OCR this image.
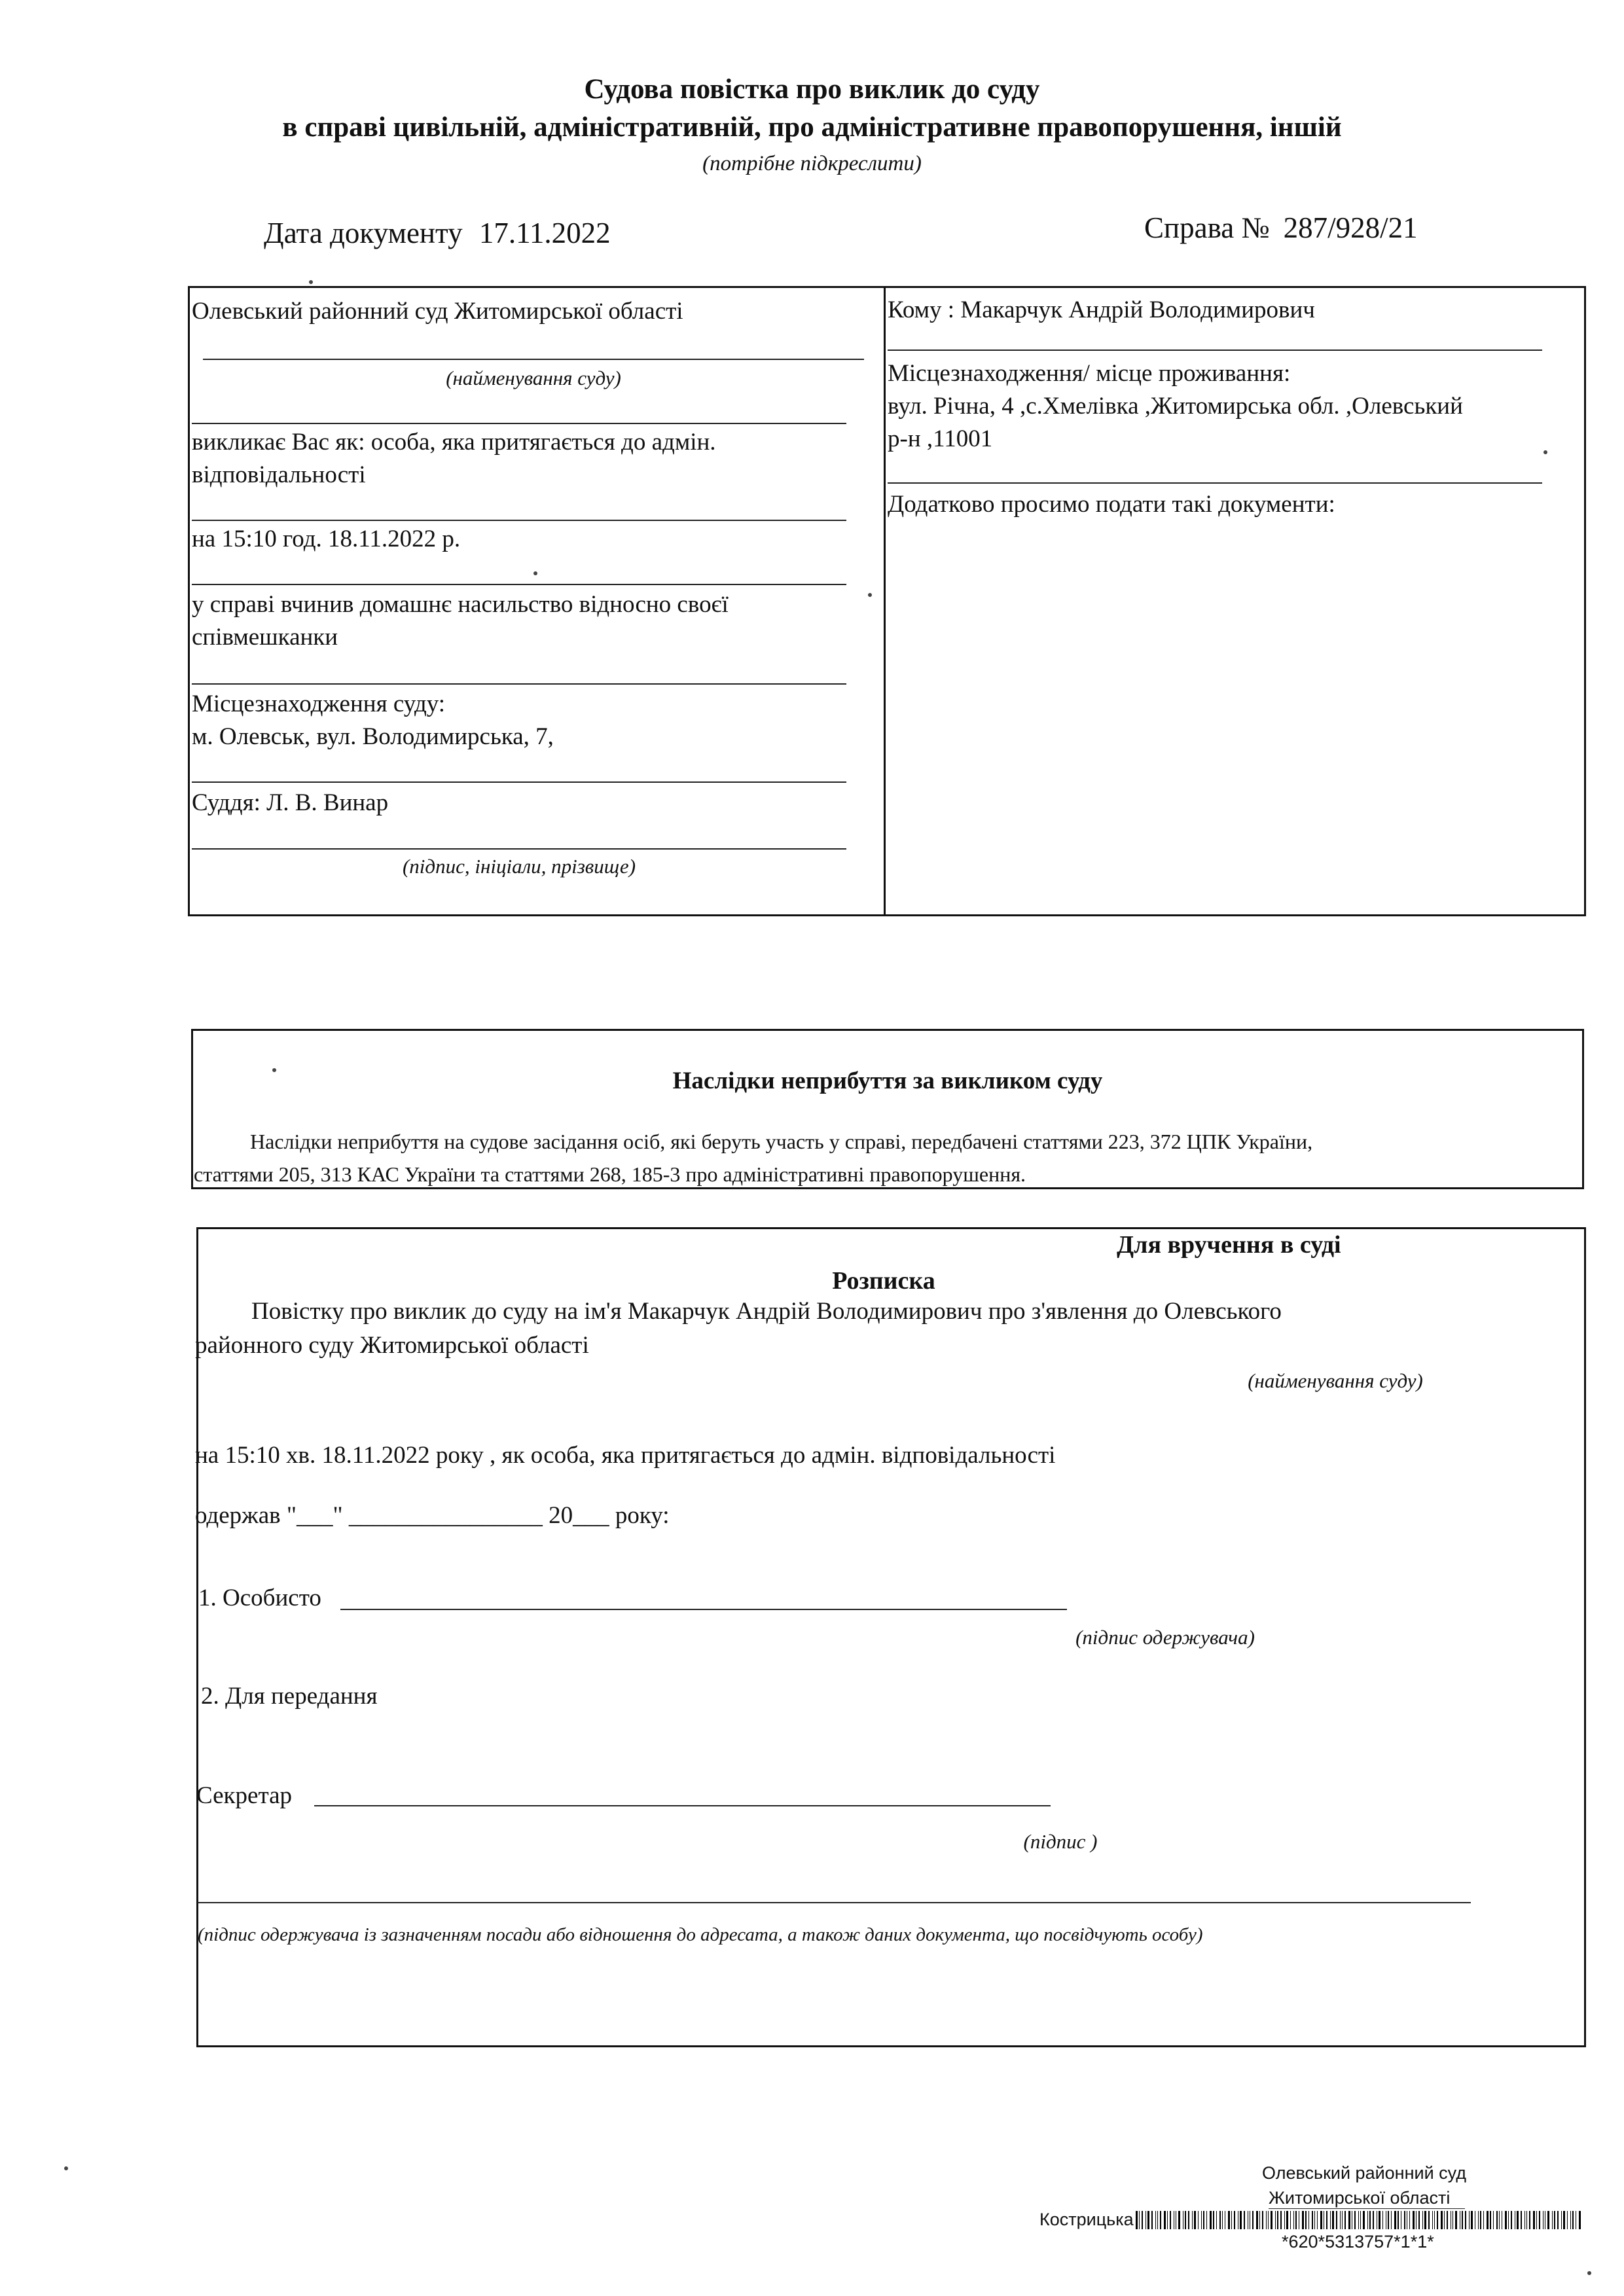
Судова повістка про виклик до суду
в справі цивільній, адміністративній, про адміністративне правопорушення, іншій
(потрібне підкреслити)
Дата документу 17.11.2022	Справа № 287/928/21
Олевський районний суд Житомирської області
(найменування суду)
викликає Вас як: особа, яка притягається до адмін.
відповідальності
на 15:10 год. 18.11.2022 р.
у справі вчинив домашнє насильство відносно своєї
співмешканки
Місцезнаходження суду:
м. Олевськ, вул. Володимирська, 7,
Суддя: Л. В. Винар
(підпис, ініціали, прізвище)
Кому : Макарчук Андрій Володимирович
Місцезнаходження/ місце проживання:
вул. Річна, 4 ,с.Хмелівка ,Житомирська обл. ,Олевський
р-н ,11001
Додатково просимо подати такі документи:
Наслідки неприбуття за викликом суду
Наслідки неприбуття на судове засідання осіб, які беруть участь у справі, передбачені статтями 223, 372 ЦПК України,
статтями 205, 313 КАС України та статтями 268, 185-3 про адміністративні правопорушення.
Для вручення в суді
Розписка
Повістку про виклик до суду на ім'я Макарчук Андрій Володимирович про з'явлення до Олевського
районного суду Житомирської області
(найменування суду)
на 15:10 хв. 18.11.2022 року , як особа, яка притягається до адмін. відповідальності
одержав "___" ________________ 20___ року:
1. Особисто
(підпис одержувача)
2. Для передання
Секретар
(підпис )
(підпис одержувача із зазначенням посади або відношення до адресата, а також даних документа, що посвідчують особу)
Олевський районний суд
Житомирської області
Кострицька
*620*5313757*1*1*
